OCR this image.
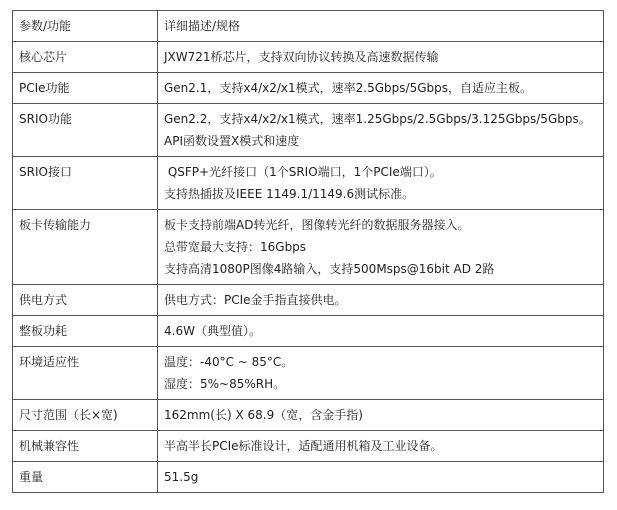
参数/功能	详细描述/规格

核心芯片	JXW721桥芯片，支持双向协议转换及高速数据传输

PCIe功能	Gen2.1，支持x4/x2/x1模式，速率2.5Gbps/5Gbps，自适应主板。

SRIO功能	Gen2.2，支持x4/x2/x1模式，速率1.25Gbps/2.5Gbps/3.125Gbps/5Gbps。
API函数设置X模式和速度

SRIO接口	QSFP+光纤接口（1个SRIO端口，1个PCIe端口）。
支持热插拔及IEEE 1149.1/1149.6测试标准。

板卡传输能力	板卡支持前端AD转光纤，图像转光纤的数据服务器接入。
总带宽最大支持：16Gbps
支持高清1080P图像4路输入，支持500Msps@16bit AD 2路

供电方式	供电方式：PCIe金手指直接供电。

整板功耗	4.6W（典型值）。

环境适应性	温度：-40°C ~ 85°C。
湿度：5%~85%RH。

尺寸范围（长×宽)	162mm(长) X 68.9（宽，含金手指)

机械兼容性	半高半长PCIe标准设计，适配通用机箱及工业设备。

重量	51.5g
